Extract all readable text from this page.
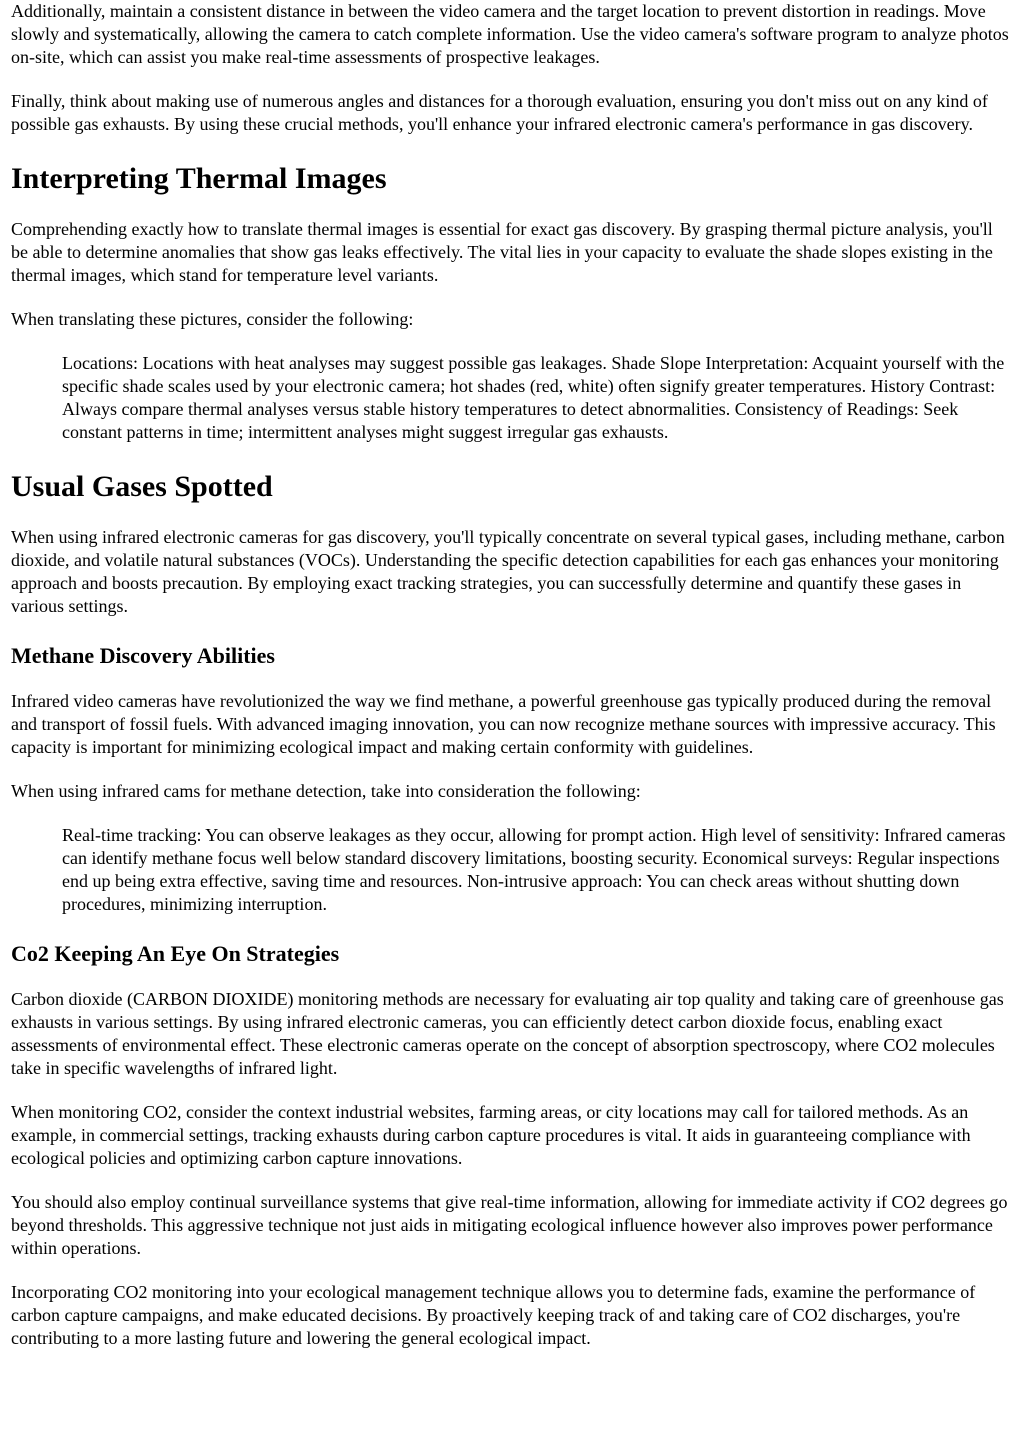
Additionally, maintain a consistent distance in between the video camera and the target location to prevent distortion in readings. Move slowly and systematically, allowing the camera to catch complete information. Use the video camera's software program to analyze photos on-site, which can assist you make real-time assessments of prospective leakages.

Finally, think about making use of numerous angles and distances for a thorough evaluation, ensuring you don't miss out on any kind of possible gas exhausts. By using these crucial methods, you'll enhance your infrared electronic camera's performance in gas discovery.

Interpreting Thermal Images

Comprehending exactly how to translate thermal images is essential for exact gas discovery. By grasping thermal picture analysis, you'll be able to determine anomalies that show gas leaks effectively. The vital lies in your capacity to evaluate the shade slopes existing in the thermal images, which stand for temperature level variants.

When translating these pictures, consider the following:

Locations: Locations with heat analyses may suggest possible gas leakages. Shade Slope Interpretation: Acquaint yourself with the specific shade scales used by your electronic camera; hot shades (red, white) often signify greater temperatures. History Contrast: Always compare thermal analyses versus stable history temperatures to detect abnormalities. Consistency of Readings: Seek constant patterns in time; intermittent analyses might suggest irregular gas exhausts.
Usual Gases Spotted

When using infrared electronic cameras for gas discovery, you'll typically concentrate on several typical gases, including methane, carbon dioxide, and volatile natural substances (VOCs). Understanding the specific detection capabilities for each gas enhances your monitoring approach and boosts precaution. By employing exact tracking strategies, you can successfully determine and quantify these gases in various settings.

Methane Discovery Abilities

Infrared video cameras have revolutionized the way we find methane, a powerful greenhouse gas typically produced during the removal and transport of fossil fuels. With advanced imaging innovation, you can now recognize methane sources with impressive accuracy. This capacity is important for minimizing ecological impact and making certain conformity with guidelines.

When using infrared cams for methane detection, take into consideration the following:

Real-time tracking: You can observe leakages as they occur, allowing for prompt action. High level of sensitivity: Infrared cameras can identify methane focus well below standard discovery limitations, boosting security. Economical surveys: Regular inspections end up being extra effective, saving time and resources. Non-intrusive approach: You can check areas without shutting down procedures, minimizing interruption.
Co2 Keeping An Eye On Strategies

Carbon dioxide (CARBON DIOXIDE) monitoring methods are necessary for evaluating air top quality and taking care of greenhouse gas exhausts in various settings. By using infrared electronic cameras, you can efficiently detect carbon dioxide focus, enabling exact assessments of environmental effect. These electronic cameras operate on the concept of absorption spectroscopy, where CO2 molecules take in specific wavelengths of infrared light.

When monitoring CO2, consider the context industrial websites, farming areas, or city locations may call for tailored methods. As an example, in commercial settings, tracking exhausts during carbon capture procedures is vital. It aids in guaranteeing compliance with ecological policies and optimizing carbon capture innovations.

You should also employ continual surveillance systems that give real-time information, allowing for immediate activity if CO2 degrees go beyond thresholds. This aggressive technique not just aids in mitigating ecological influence however also improves power performance within operations.

Incorporating CO2 monitoring into your ecological management technique allows you to determine fads, examine the performance of carbon capture campaigns, and make educated decisions. By proactively keeping track of and taking care of CO2 discharges, you're contributing to a more lasting future and lowering the general ecological impact.
